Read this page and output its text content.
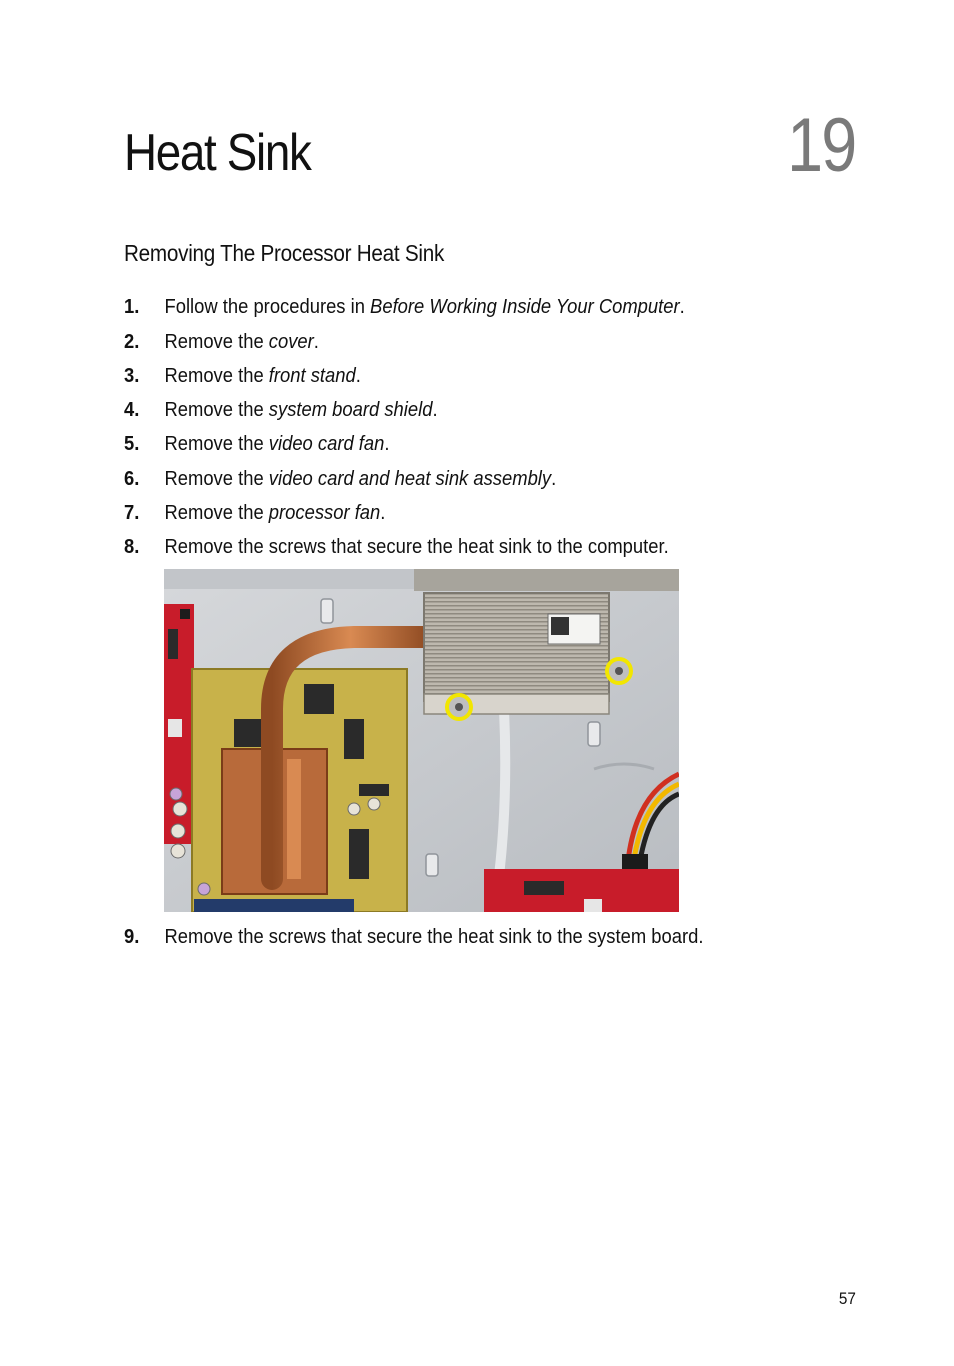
Heat Sink	19
Removing The Processor Heat Sink
1. Follow the procedures in Before Working Inside Your Computer.
2. Remove the cover.
3. Remove the front stand.
4. Remove the system board shield.
5. Remove the video card fan.
6. Remove the video card and heat sink assembly.
7. Remove the processor fan.
8. Remove the screws that secure the heat sink to the computer.
9. Remove the screws that secure the heat sink to the system board.
57
